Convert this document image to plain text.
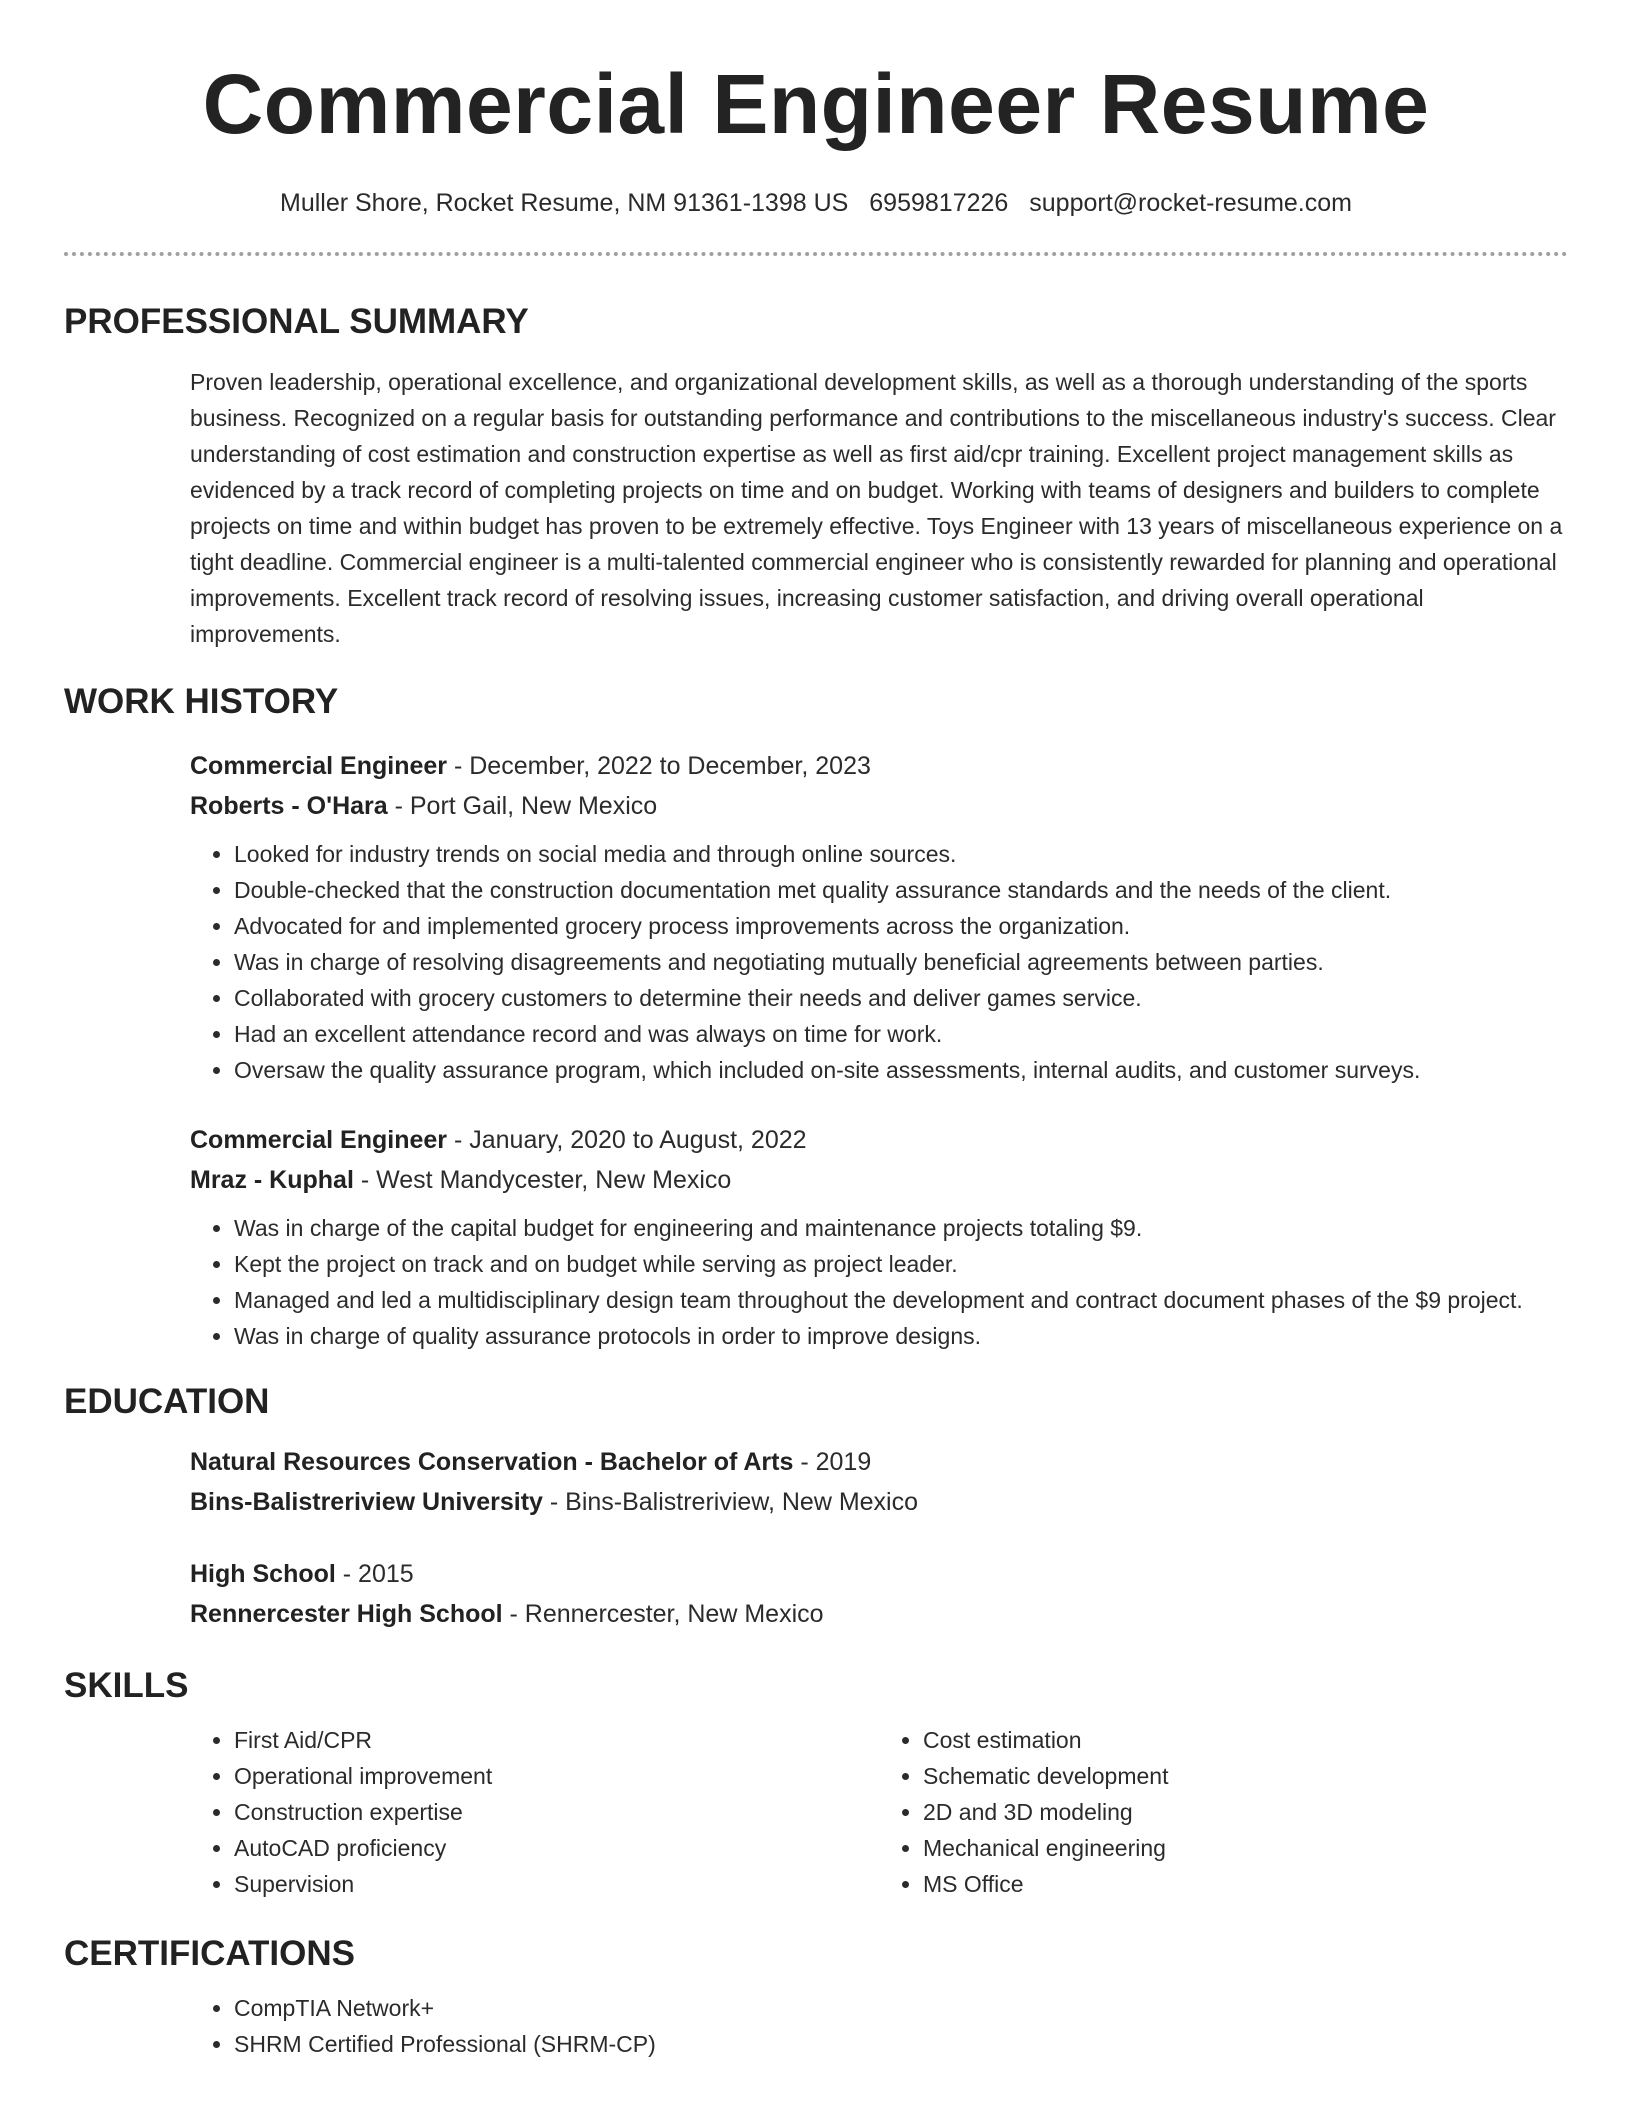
Commercial Engineer Resume
Muller Shore, Rocket Resume, NM 91361-1398 US 6959817226 support@rocket-resume.com
PROFESSIONAL SUMMARY

Proven leadership, operational excellence, and organizational development skills, as well as a thorough understanding of the sports business. Recognized on a regular basis for outstanding performance and contributions to the miscellaneous industry's success. Clear understanding of cost estimation and construction expertise as well as first aid/cpr training. Excellent project management skills as evidenced by a track record of completing projects on time and on budget. Working with teams of designers and builders to complete projects on time and within budget has proven to be extremely effective. Toys Engineer with 13 years of miscellaneous experience on a tight deadline. Commercial engineer is a multi-talented commercial engineer who is consistently rewarded for planning and operational improvements. Excellent track record of resolving issues, increasing customer satisfaction, and driving overall operational improvements.

WORK HISTORY
Commercial Engineer - December, 2022 to December, 2023
Roberts - O'Hara - Port Gail, New Mexico
• Looked for industry trends on social media and through online sources.
• Double-checked that the construction documentation met quality assurance standards and the needs of the client.
• Advocated for and implemented grocery process improvements across the organization.
• Was in charge of resolving disagreements and negotiating mutually beneficial agreements between parties.
• Collaborated with grocery customers to determine their needs and deliver games service.
• Had an excellent attendance record and was always on time for work.
• Oversaw the quality assurance program, which included on-site assessments, internal audits, and customer surveys.
Commercial Engineer - January, 2020 to August, 2022
Mraz - Kuphal - West Mandycester, New Mexico
• Was in charge of the capital budget for engineering and maintenance projects totaling $9.
• Kept the project on track and on budget while serving as project leader.
• Managed and led a multidisciplinary design team throughout the development and contract document phases of the $9 project.
• Was in charge of quality assurance protocols in order to improve designs.
EDUCATION
Natural Resources Conservation - Bachelor of Arts - 2019
Bins-Balistreriview University - Bins-Balistreriview, New Mexico
High School - 2015
Rennercester High School - Rennercester, New Mexico
SKILLS
• First Aid/CPR
• Operational improvement
• Construction expertise
• AutoCAD proficiency
• Supervision
• Cost estimation
• Schematic development
• 2D and 3D modeling
• Mechanical engineering
• MS Office
CERTIFICATIONS
• CompTIA Network+
• SHRM Certified Professional (SHRM-CP)
